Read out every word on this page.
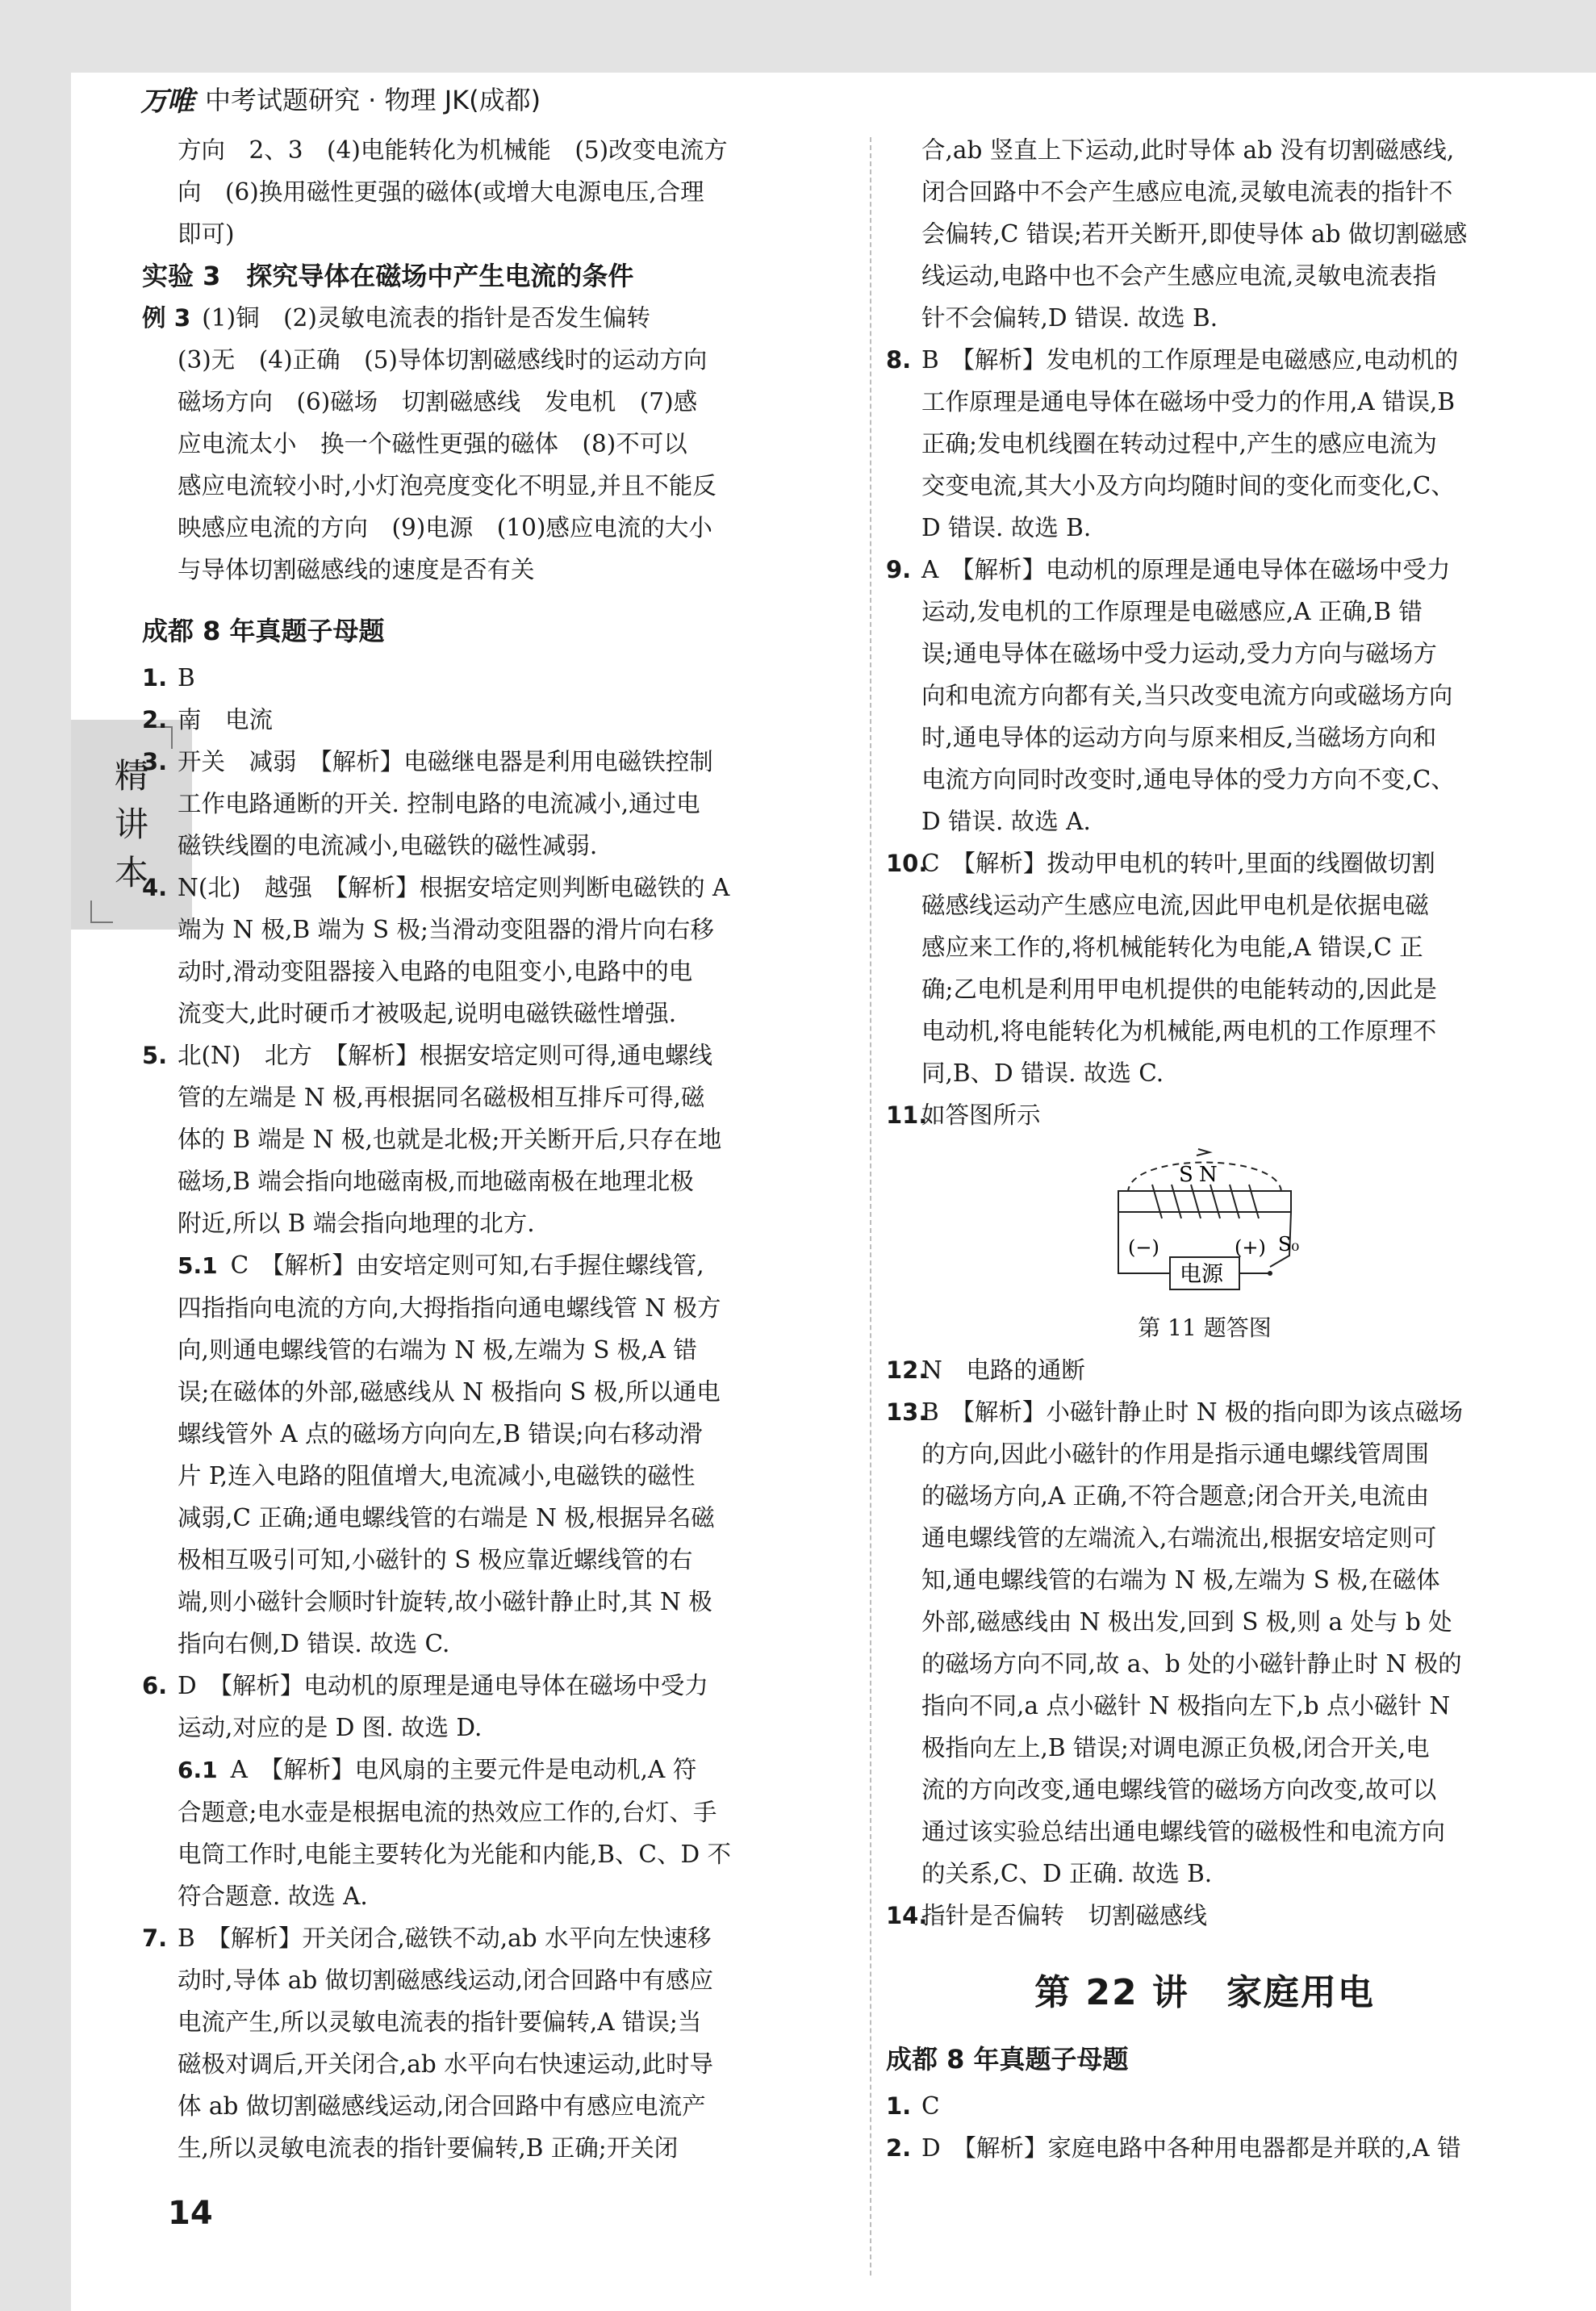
万唯 中考试题研究 · 物理 JK(成都)
精
讲
本
方向　2、3　(4)电能转化为机械能　(5)改变电流方
向　(6)换用磁性更强的磁体(或增大电源电压,合理
即可)
实验 3　探究导体在磁场中产生电流的条件
例 3 (1)铜　(2)灵敏电流表的指针是否发生偏转
(3)无　(4)正确　(5)导体切割磁感线时的运动方向
磁场方向　(6)磁场　切割磁感线　发电机　(7)感
应电流太小　换一个磁性更强的磁体　(8)不可以
感应电流较小时,小灯泡亮度变化不明显,并且不能反
映感应电流的方向　(9)电源　(10)感应电流的大小
与导体切割磁感线的速度是否有关
成都 8 年真题子母题
1. B
2. 南　电流
3. 开关　减弱　【解析】电磁继电器是利用电磁铁控制
工作电路通断的开关. 控制电路的电流减小,通过电
磁铁线圈的电流减小,电磁铁的磁性减弱.
4. N(北)　越强　【解析】根据安培定则判断电磁铁的 A
端为 N 极,B 端为 S 极;当滑动变阻器的滑片向右移
动时,滑动变阻器接入电路的电阻变小,电路中的电
流变大,此时硬币才被吸起,说明电磁铁磁性增强.
5. 北(N)　北方　【解析】根据安培定则可得,通电螺线
管的左端是 N 极,再根据同名磁极相互排斥可得,磁
体的 B 端是 N 极,也就是北极;开关断开后,只存在地
磁场,B 端会指向地磁南极,而地磁南极在地理北极
附近,所以 B 端会指向地理的北方.
5.1 C　【解析】由安培定则可知,右手握住螺线管,
四指指向电流的方向,大拇指指向通电螺线管 N 极方
向,则通电螺线管的右端为 N 极,左端为 S 极,A 错
误;在磁体的外部,磁感线从 N 极指向 S 极,所以通电
螺线管外 A 点的磁场方向向左,B 错误;向右移动滑
片 P,连入电路的阻值增大,电流减小,电磁铁的磁性
减弱,C 正确;通电螺线管的右端是 N 极,根据异名磁
极相互吸引可知,小磁针的 S 极应靠近螺线管的右
端,则小磁针会顺时针旋转,故小磁针静止时,其 N 极
指向右侧,D 错误. 故选 C.
6. D　【解析】电动机的原理是通电导体在磁场中受力
运动,对应的是 D 图. 故选 D.
6.1 A　【解析】电风扇的主要元件是电动机,A 符
合题意;电水壶是根据电流的热效应工作的,台灯、手
电筒工作时,电能主要转化为光能和内能,B、C、D 不
符合题意. 故选 A.
7. B　【解析】开关闭合,磁铁不动,ab 水平向左快速移
动时,导体 ab 做切割磁感线运动,闭合回路中有感应
电流产生,所以灵敏电流表的指针要偏转,A 错误;当
磁极对调后,开关闭合,ab 水平向右快速运动,此时导
体 ab 做切割磁感线运动,闭合回路中有感应电流产
生,所以灵敏电流表的指针要偏转,B 正确;开关闭
合,ab 竖直上下运动,此时导体 ab 没有切割磁感线,
闭合回路中不会产生感应电流,灵敏电流表的指针不
会偏转,C 错误;若开关断开,即使导体 ab 做切割磁感
线运动,电路中也不会产生感应电流,灵敏电流表指
针不会偏转,D 错误. 故选 B.
8. B　【解析】发电机的工作原理是电磁感应,电动机的
工作原理是通电导体在磁场中受力的作用,A 错误,B
正确;发电机线圈在转动过程中,产生的感应电流为
交变电流,其大小及方向均随时间的变化而变化,C、
D 错误. 故选 B.
9. A　【解析】电动机的原理是通电导体在磁场中受力
运动,发电机的工作原理是电磁感应,A 正确,B 错
误;通电导体在磁场中受力运动,受力方向与磁场方
向和电流方向都有关,当只改变电流方向或磁场方向
时,通电导体的运动方向与原来相反,当磁场方向和
电流方向同时改变时,通电导体的受力方向不变,C、
D 错误. 故选 A.
10.
C　【解析】拨动甲电机的转叶,里面的线圈做切割
磁感线运动产生感应电流,因此甲电机是依据电磁
感应来工作的,将机械能转化为电能,A 错误,C 正
确;乙电机是利用甲电机提供的电能转动的,因此是
电动机,将电能转化为机械能,两电机的工作原理不
同,B、D 错误. 故选 C.
11.
如答图所示
S N
电源
(−)	(+) S₀
第 11 题答图
12.
N　电路的通断
13.
B　【解析】小磁针静止时 N 极的指向即为该点磁场
的方向,因此小磁针的作用是指示通电螺线管周围
的磁场方向,A 正确,不符合题意;闭合开关,电流由
通电螺线管的左端流入,右端流出,根据安培定则可
知,通电螺线管的右端为 N 极,左端为 S 极,在磁体
外部,磁感线由 N 极出发,回到 S 极,则 a 处与 b 处
的磁场方向不同,故 a、b 处的小磁针静止时 N 极的
指向不同,a 点小磁针 N 极指向左下,b 点小磁针 N
极指向左上,B 错误;对调电源正负极,闭合开关,电
流的方向改变,通电螺线管的磁场方向改变,故可以
通过该实验总结出通电螺线管的磁极性和电流方向
的关系,C、D 正确. 故选 B.
14.
指针是否偏转　切割磁感线
第 22 讲　家庭用电
成都 8 年真题子母题
1. C
2. D　【解析】家庭电路中各种用电器都是并联的,A 错
14
